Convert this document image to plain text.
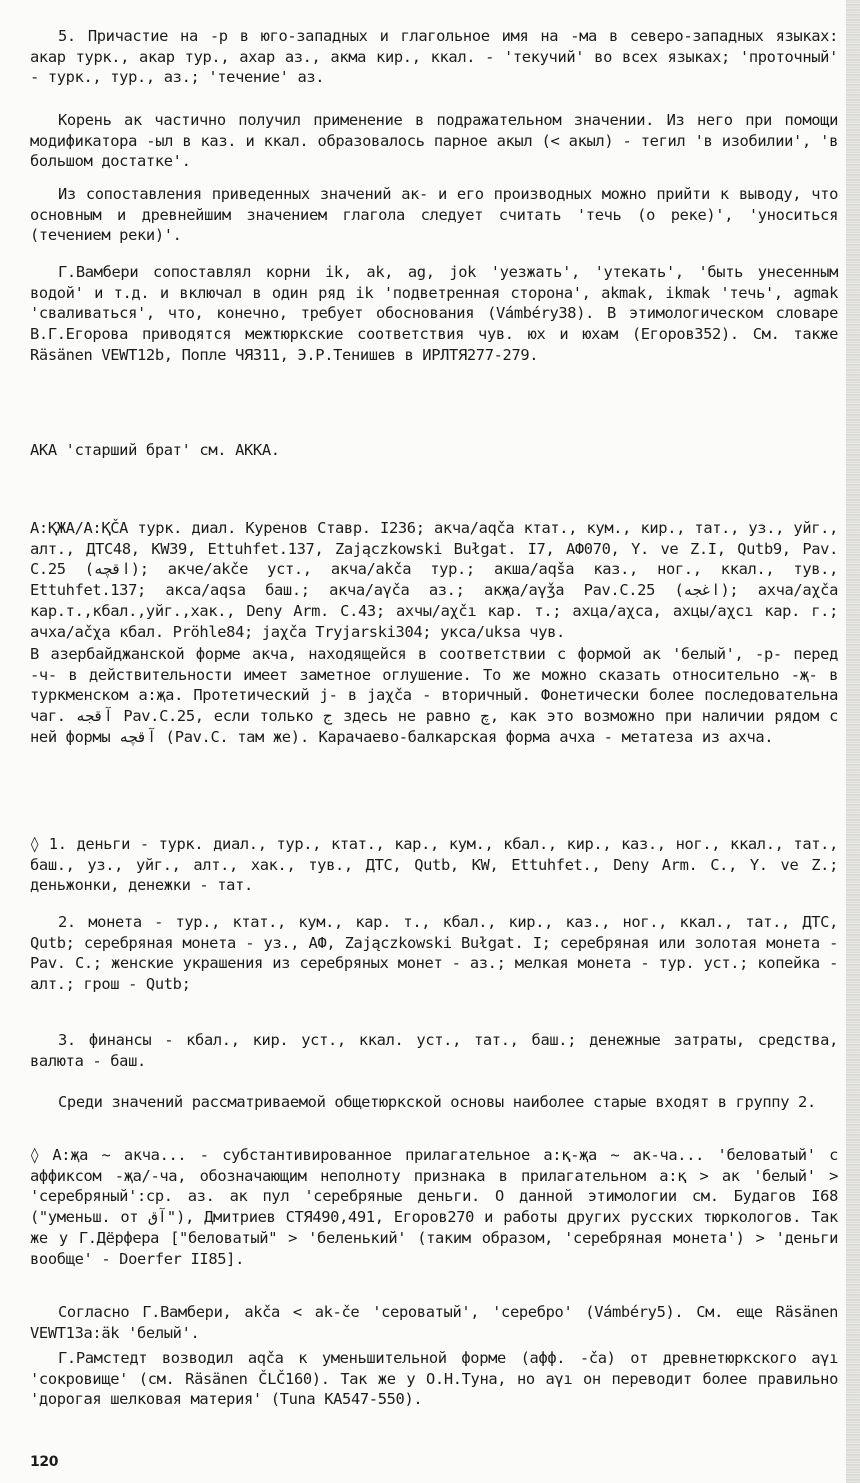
5. Причастие на -р в юго-западных и глагольное имя на -ма в северо-западных языках: акар турк., акар тур., ахар аз., акма кир., ккал. - 'текучий' во всех языках; 'проточный' - турк., тур., аз.; 'течение' аз.

Корень ак частично получил применение в подражательном значении. Из него при помощи модификатора -ыл в каз. и ккал. образовалось парное акыл (< акыл) - тегил 'в изобилии', 'в большом достатке'.

Из сопоставления приведенных значений ак- и его производных можно прийти к выводу, что основным и древнейшим значением глагола следует считать 'течь (о реке)', 'уноситься (течением реки)'.

Г.Вамбери сопоставлял корни ik, ak, ag, jok 'уезжать', 'утекать', 'быть унесенным водой' и т.д. и включал в один ряд ik 'подветренная сторона', akmak, ikmak 'течь', agmak 'сваливаться', что, конечно, требует обоснования (Vámbéry38). В этимологическом словаре В.Г.Егорова приводятся межтюркские соответствия чув. юх и юхам (Егоров352). См. также Räsänen VEWT12b, Попле ЧЯ311, Э.Р.Тенишев в ИРЛТЯ277-279.

АКА 'старший брат' см. АККА.

А:ҚЖА/А:ҚČА турк. диал. Куренов Ставр. I236; акча/aqča ктат., кум., кир., тат., уз., уйг., алт., ДТС48, KW39, Ettuhfet.137, Zajączkowski Bułgat. I7, АФ070, Y. ve Z.I, Qutb9, Pav. C.25 (اقچه); акче/akče уст., акча/akča тур.; акша/aqša каз., ног., ккал., тув., Ettuhfet.137; акса/aqsa баш.; акча/aγča аз.; акҗа/aγǯa Pav.C.25 (اغجه); ахча/aχča кар.т.,кбал.,уйг.,хак., Deny Arm. C.43; ахчы/aχčı кар. т.; ахца/aχca, ахцы/aχcı кар. г.; ачха/ačχa кбал. Pröhle84; jaχča Tryjarski304; укса/uksa чув.

В азербайджанской форме акча, находящейся в соответствии с формой ак 'белый', -р- перед -ч- в действительности имеет заметное оглушение. То же можно сказать относительно -җ- в туркменском а:җа. Протетический j- в jaχča - вторичный. Фонетически более последовательна чаг. آقجه Pav.C.25, если только ج здесь не равно چ, как это возможно при наличии рядом с ней формы آقچه (Pav.C. там же). Карачаево-балкарская форма ачха - метатеза из ахча.

◊ 1. деньги - турк. диал., тур., ктат., кар., кум., кбал., кир., каз., ног., ккал., тат., баш., уз., уйг., алт., хак., тув., ДТС, Qutb, KW, Ettuhfet., Deny Arm. C., Y. ve Z.; деньжонки, денежки - тат.

2. монета - тур., ктат., кум., кар. т., кбал., кир., каз., ног., ккал., тат., ДТС, Qutb; серебряная монета - уз., АФ, Zajączkowski Bułgat. I; серебряная или золотая монета - Pav. C.; женские украшения из серебряных монет - аз.; мелкая монета - тур. уст.; копейка - алт.; грош - Qutb;

3. финансы - кбал., кир. уст., ккал. уст., тат., баш.; денежные затраты, средства, валюта - баш.

Среди значений рассматриваемой общетюркской основы наиболее старые входят в группу 2.

◊ А:җа ~ акча... - субстантивированное прилагательное а:қ-җа ~ ак-ча... 'беловатый' с аффиксом -җа/-ча, обозначающим неполноту признака в прилагательном а:қ > ак 'белый' > 'серебряный':ср. аз. ак пул 'серебряные деньги. О данной этимологии см. Будагов I68 ("уменьш. от آق"), Дмитриев СТЯ490,491, Егоров270 и работы других русских тюркологов. Так же у Г.Дёрфера ["беловатый" > 'беленький' (таким образом, 'серебряная монета') > 'деньги вообще' - Doerfer II85].

Согласно Г.Вамбери, akča < ak-če 'сероватый', 'серебро' (Vámbéry5). См. еще Räsänen VEWT13a:äk 'белый'.

Г.Рамстедт возводил aqča к уменьшительной форме (афф. -ča) от древнетюркского aγı 'сокровище' (см. Räsänen ČLČ160). Так же у О.Н.Туна, но aγı он переводит более правильно 'дорогая шелковая материя' (Tuna KA547-550).

120
